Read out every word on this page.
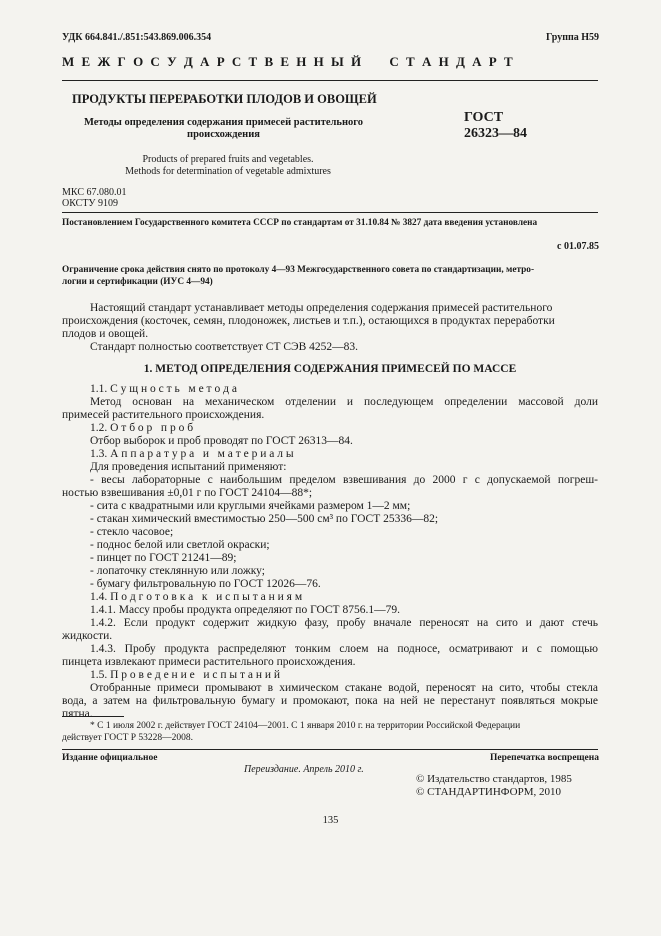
УДК 664.841./.851:543.869.006.354	Группа Н59
М Е Ж Г О С У Д А Р С Т В Е Н Н Ы Й     С Т А Н Д А Р Т
ПРОДУКТЫ ПЕРЕРАБОТКИ ПЛОДОВ И ОВОЩЕЙ
Методы определения содержания примесей растительного
происхождения
ГОСТ
26323—84
Products of prepared fruits and vegetables.
Methods for determination of vegetable admixtures
МКС 67.080.01
ОКСТУ 9109
Постановлением Государственного комитета СССР по стандартам от 31.10.84 № 3827 дата введения установлена
с 01.07.85
Ограничение срока действия снято по протоколу 4—93 Межгосударственного совета по стандартизации, метро-
логии и сертификации (ИУС 4—94)
Настоящий стандарт устанавливает методы определения содержания примесей растительного
происхождения (косточек, семян, плодоножек, листьев и т.п.), остающихся в продуктах переработки
плодов и овощей.
Стандарт полностью соответствует СТ СЭВ 4252—83.
1. МЕТОД ОПРЕДЕЛЕНИЯ СОДЕРЖАНИЯ ПРИМЕСЕЙ ПО МАССЕ
1.1. С у щ н о с т ь   м е т о д а
Метод основан на механическом отделении и последующем определении массовой доли
примесей растительного происхождения.
1.2. О т б о р   п р о б
Отбор выборок и проб проводят по ГОСТ 26313—84.
1.3. А п п а р а т у р а   и   м а т е р и а л ы
Для проведения испытаний применяют:
- весы лабораторные с наибольшим пределом взвешивания до 2000 г с допускаемой погреш-
ностью взвешивания ±0,01 г по ГОСТ 24104—88*;
- сита с квадратными или круглыми ячейками размером 1—2 мм;
- стакан химический вместимостью 250—500 см³ по ГОСТ 25336—82;
- стекло часовое;
- поднос белой или светлой окраски;
- пинцет по ГОСТ 21241—89;
- лопаточку стеклянную или ложку;
- бумагу фильтровальную по ГОСТ 12026—76.
1.4. П о д г о т о в к а   к   и с п ы т а н и я м
1.4.1. Массу пробы продукта определяют по ГОСТ 8756.1—79.
1.4.2. Если продукт содержит жидкую фазу, пробу вначале переносят на сито и дают стечь
жидкости.
1.4.3. Пробу продукта распределяют тонким слоем на подносе, осматривают и с помощью
пинцета извлекают примеси растительного происхождения.
1.5. П р о в е д е н и е   и с п ы т а н и й
Отобранные примеси промывают в химическом стакане водой, переносят на сито, чтобы стекла
вода, а затем на фильтровальную бумагу и промокают, пока на ней не перестанут появляться мокрые
пятна.
* С 1 июля 2002 г. действует ГОСТ 24104—2001. С 1 января 2010 г. на территории Российской Федерации
действует ГОСТ Р 53228—2008.
Издание официальное	Перепечатка воспрещена
Переиздание. Апрель 2010 г.
© Издательство стандартов, 1985
© СТАНДАРТИНФОРМ, 2010
135
